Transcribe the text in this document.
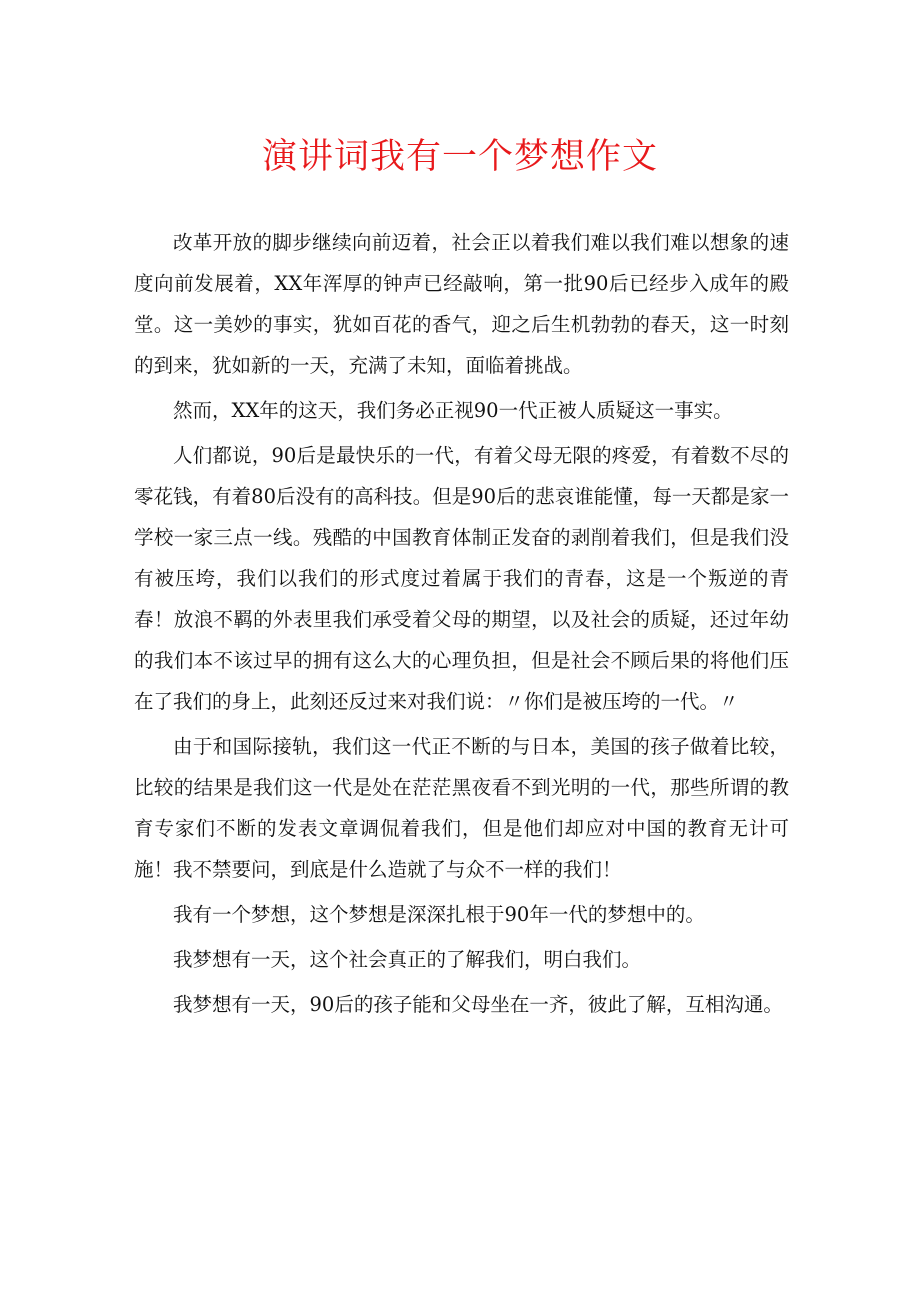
演讲词我有一个梦想作文

改革开放的脚步继续向前迈着，社会正以着我们难以我们难以想象的速度向前发展着，XX年浑厚的钟声已经敲响，第一批90后已经步入成年的殿堂。这一美妙的事实，犹如百花的香气，迎之后生机勃勃的春天，这一时刻的到来，犹如新的一天，充满了未知，面临着挑战。

然而，XX年的这天，我们务必正视90一代正被人质疑这一事实。

人们都说，90后是最快乐的一代，有着父母无限的疼爱，有着数不尽的零花钱，有着80后没有的高科技。但是90后的悲哀谁能懂，每一天都是家一学校一家三点一线。残酷的中国教育体制正发奋的剥削着我们，但是我们没有被压垮，我们以我们的形式度过着属于我们的青春，这是一个叛逆的青春！放浪不羁的外表里我们承受着父母的期望，以及社会的质疑，还过年幼的我们本不该过早的拥有这么大的心理负担，但是社会不顾后果的将他们压在了我们的身上，此刻还反过来对我们说：〃你们是被压垮的一代。〃

由于和国际接轨，我们这一代正不断的与日本，美国的孩子做着比较，比较的结果是我们这一代是处在茫茫黑夜看不到光明的一代，那些所谓的教育专家们不断的发表文章调侃着我们，但是他们却应对中国的教育无计可施！我不禁要问，到底是什么造就了与众不一样的我们！

我有一个梦想，这个梦想是深深扎根于90年一代的梦想中的。

我梦想有一天，这个社会真正的了解我们，明白我们。

我梦想有一天，90后的孩子能和父母坐在一齐，彼此了解，互相沟通。
